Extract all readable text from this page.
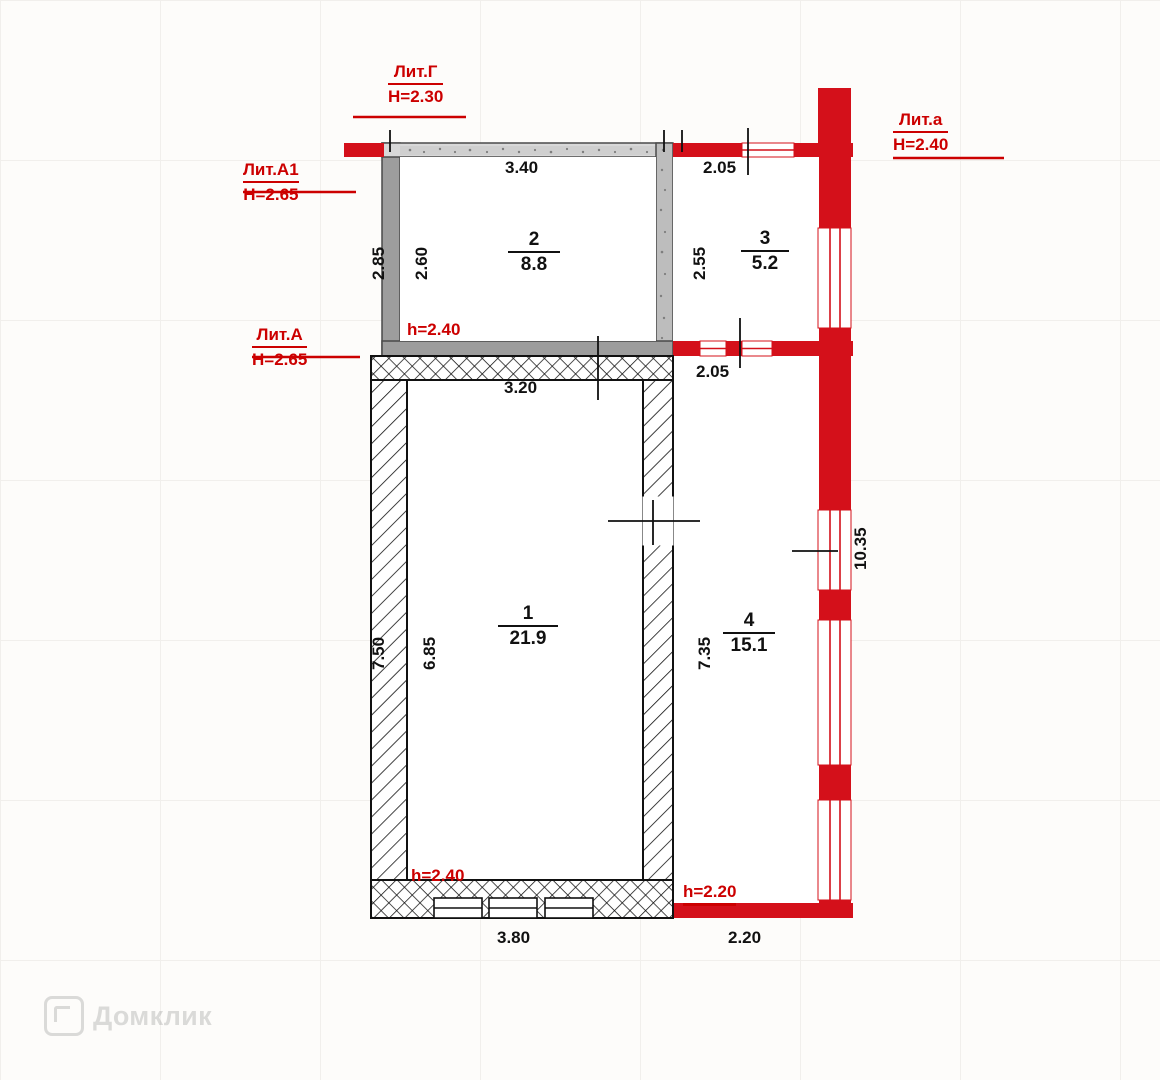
Лит.Г
H=2.30
Лит.а
H=2.40
Лит.А1
H=2.65
Лит.А
H=2.65
1
21.9
2
8.8
3
5.2
4
15.1
h=2.40
h=2.40
h=2.20
3.40	2.05
3.20
2.05
3.80	2.20
2.85 2.60	2.55
7.50 6.85	7.35
10.35
Домклик
